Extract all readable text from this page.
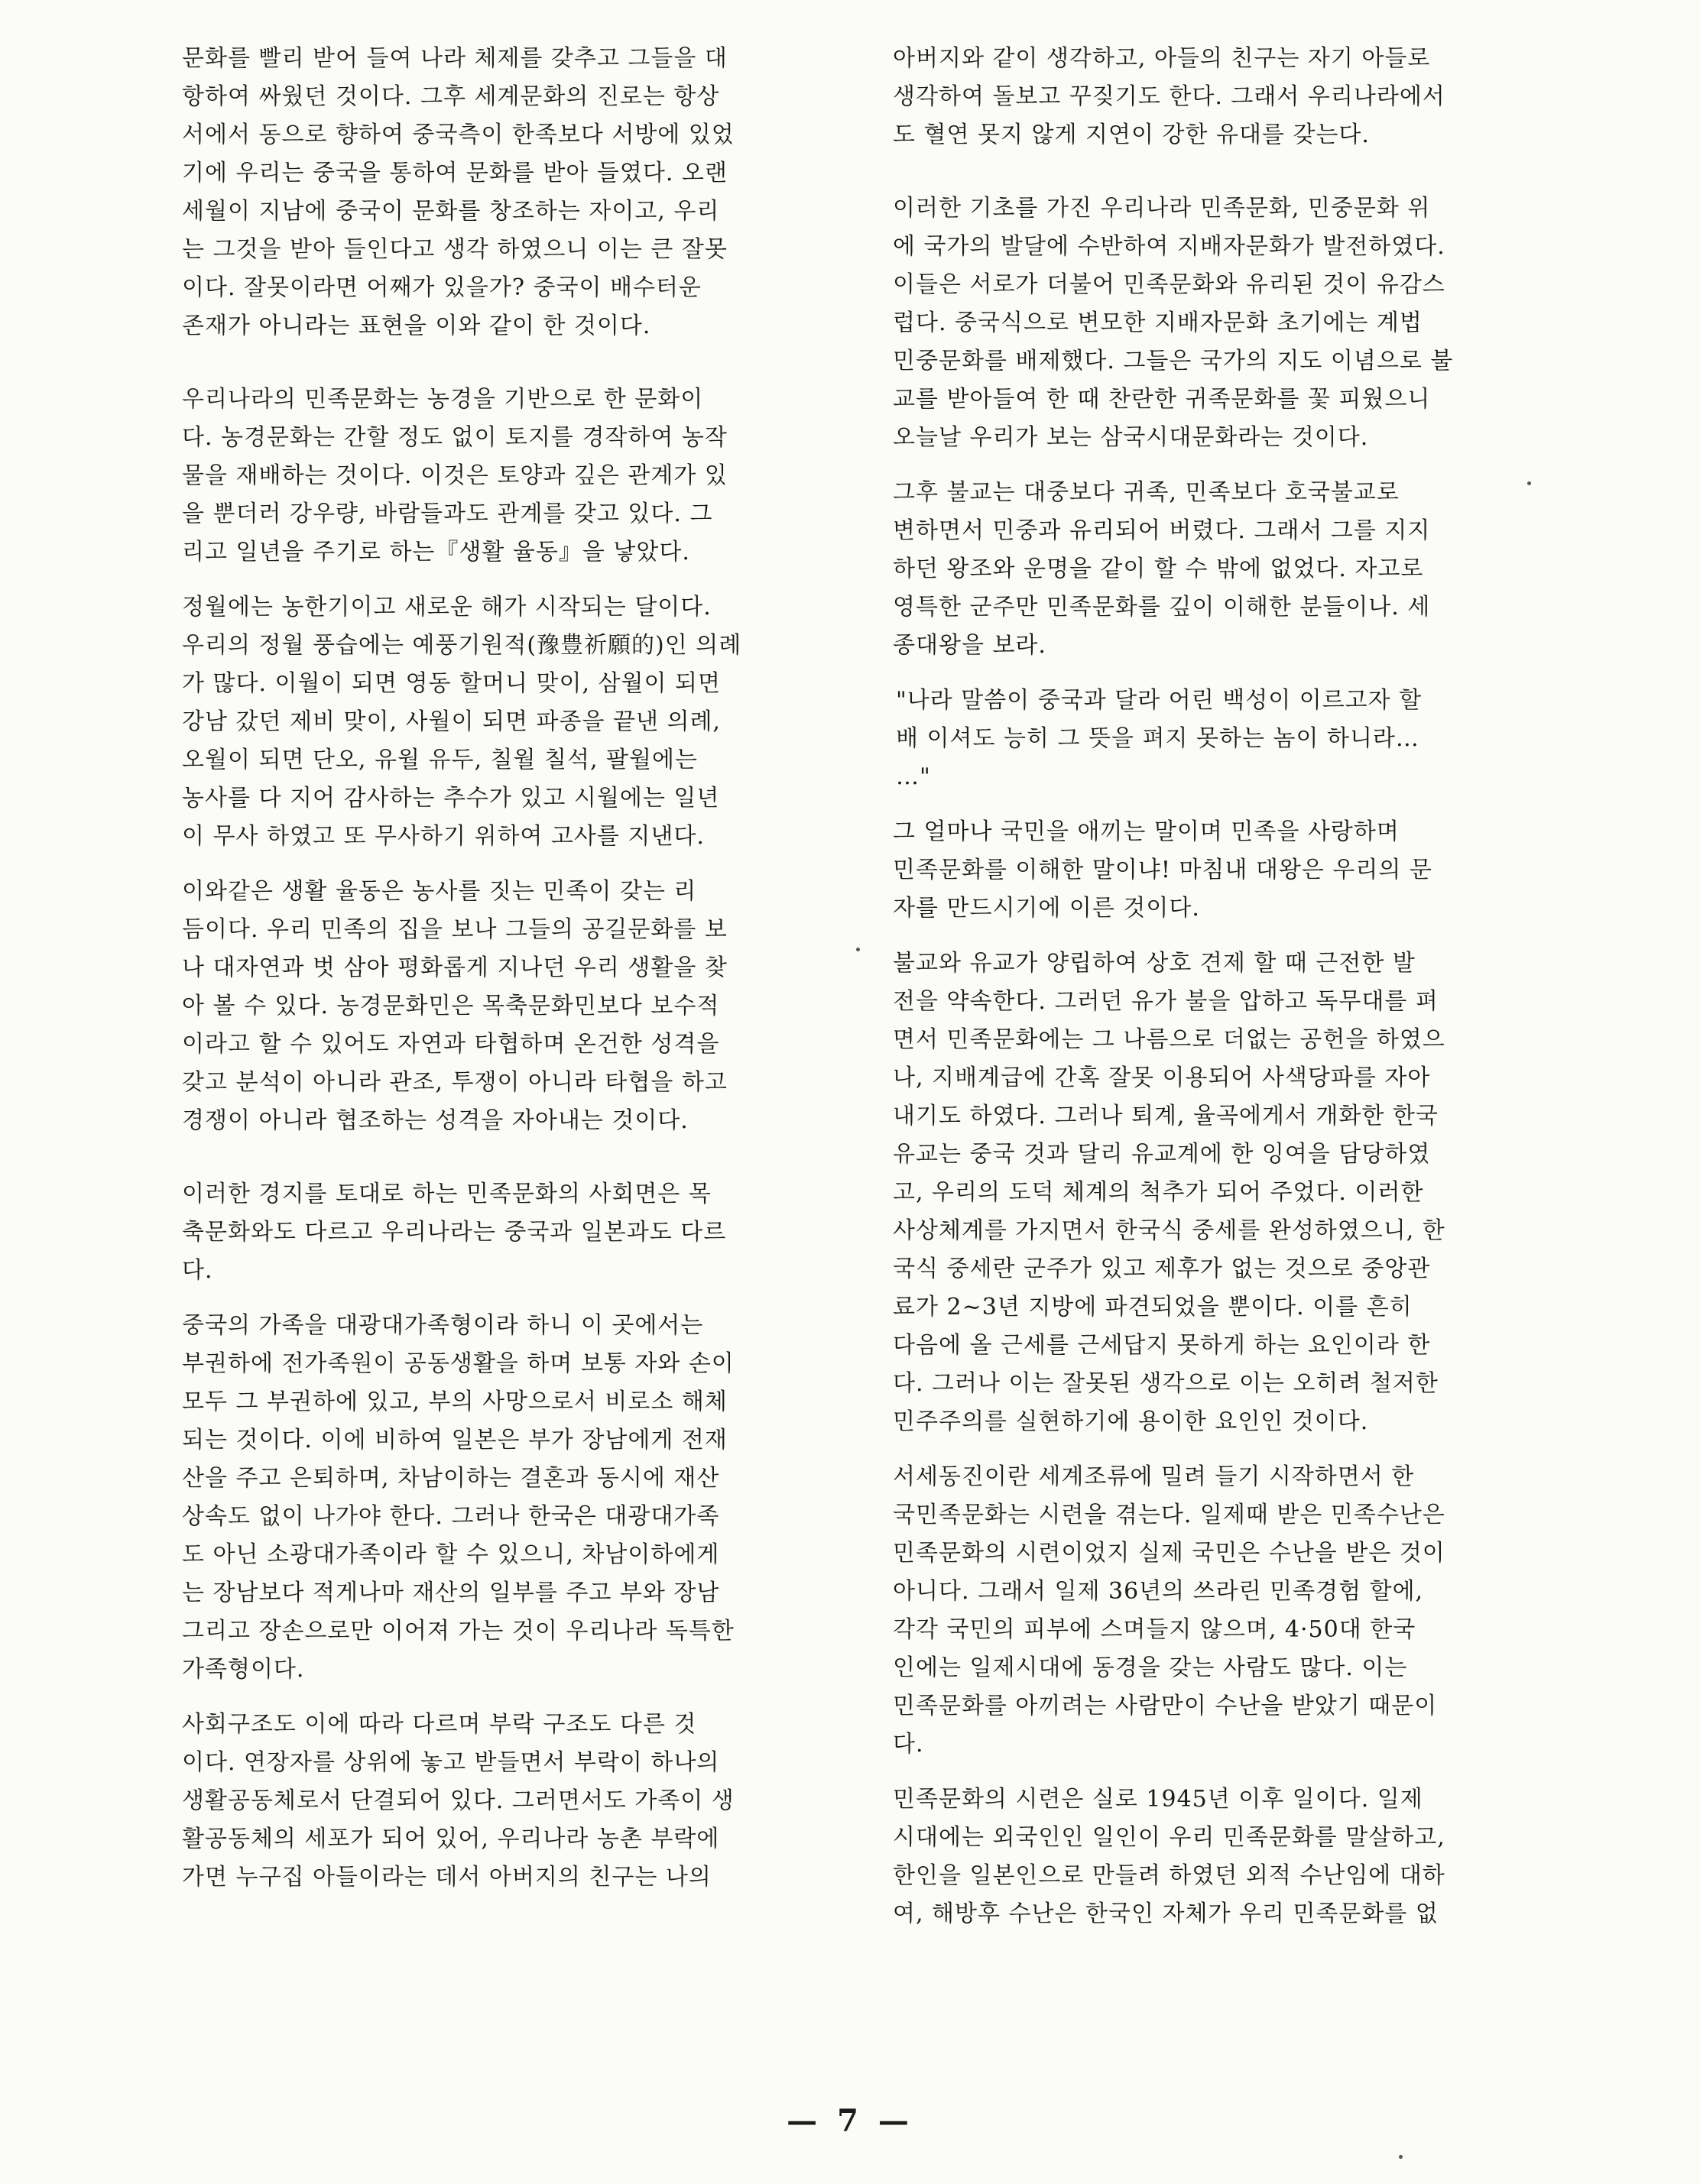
문화를 빨리 받어 들여 나라 체제를 갖추고 그들을 대
항하여 싸웠던 것이다. 그후 세계문화의 진로는 항상
서에서 동으로 향하여 중국측이 한족보다 서방에 있었
기에 우리는 중국을 통하여 문화를 받아 들였다. 오랜
세월이 지남에 중국이 문화를 창조하는 자이고, 우리
는 그것을 받아 들인다고 생각 하였으니 이는 큰 잘못
이다. 잘못이라면 어째가 있을가? 중국이 배수터운
존재가 아니라는 표현을 이와 같이 한 것이다.

우리나라의 민족문화는 농경을 기반으로 한 문화이
다. 농경문화는 간할 정도 없이 토지를 경작하여 농작
물을 재배하는 것이다. 이것은 토양과 깊은 관계가 있
을 뿐더러 강우량, 바람들과도 관계를 갖고 있다. 그
리고 일년을 주기로 하는『생활 율동』을 낳았다.

정월에는 농한기이고 새로운 해가 시작되는 달이다.
우리의 정월 풍습에는 예풍기원적(豫豊祈願的)인 의례
가 많다. 이월이 되면 영동 할머니 맞이, 삼월이 되면
강남 갔던 제비 맞이, 사월이 되면 파종을 끝낸 의례,
오월이 되면 단오, 유월 유두, 칠월 칠석, 팔월에는
농사를 다 지어 감사하는 추수가 있고 시월에는 일년
이 무사 하였고 또 무사하기 위하여 고사를 지낸다.

이와같은 생활 율동은 농사를 짓는 민족이 갖는 리
듬이다. 우리 민족의 집을 보나 그들의 공길문화를 보
나 대자연과 벗 삼아 평화롭게 지나던 우리 생활을 찾
아 볼 수 있다. 농경문화민은 목축문화민보다 보수적
이라고 할 수 있어도 자연과 타협하며 온건한 성격을
갖고 분석이 아니라 관조, 투쟁이 아니라 타협을 하고
경쟁이 아니라 협조하는 성격을 자아내는 것이다.

이러한 경지를 토대로 하는 민족문화의 사회면은 목
축문화와도 다르고 우리나라는 중국과 일본과도 다르
다.

중국의 가족을 대광대가족형이라 하니 이 곳에서는
부권하에 전가족원이 공동생활을 하며 보통 자와 손이
모두 그 부권하에 있고, 부의 사망으로서 비로소 해체
되는 것이다. 이에 비하여 일본은 부가 장남에게 전재
산을 주고 은퇴하며, 차남이하는 결혼과 동시에 재산
상속도 없이 나가야 한다. 그러나 한국은 대광대가족
도 아닌 소광대가족이라 할 수 있으니, 차남이하에게
는 장남보다 적게나마 재산의 일부를 주고 부와 장남
그리고 장손으로만 이어져 가는 것이 우리나라 독특한
가족형이다.

사회구조도 이에 따라 다르며 부락 구조도 다른 것
이다. 연장자를 상위에 놓고 받들면서 부락이 하나의
생활공동체로서 단결되어 있다. 그러면서도 가족이 생
활공동체의 세포가 되어 있어, 우리나라 농촌 부락에
가면 누구집 아들이라는 데서 아버지의 친구는 나의

아버지와 같이 생각하고, 아들의 친구는 자기 아들로
생각하여 돌보고 꾸짖기도 한다. 그래서 우리나라에서
도 혈연 못지 않게 지연이 강한 유대를 갖는다.

이러한 기초를 가진 우리나라 민족문화, 민중문화 위
에 국가의 발달에 수반하여 지배자문화가 발전하였다.
이들은 서로가 더불어 민족문화와 유리된 것이 유감스
럽다. 중국식으로 변모한 지배자문화 초기에는 계법
민중문화를 배제했다. 그들은 국가의 지도 이념으로 불
교를 받아들여 한 때 찬란한 귀족문화를 꽃 피웠으니
오늘날 우리가 보는 삼국시대문화라는 것이다.

그후 불교는 대중보다 귀족, 민족보다 호국불교로
변하면서 민중과 유리되어 버렸다. 그래서 그를 지지
하던 왕조와 운명을 같이 할 수 밖에 없었다. 자고로
영특한 군주만 민족문화를 깊이 이해한 분들이나. 세
종대왕을 보라.

"나라 말씀이 중국과 달라 어린 백성이 이르고자 할
배 이셔도 능히 그 뜻을 펴지 못하는 놈이 하니라…
…"

그 얼마나 국민을 애끼는 말이며 민족을 사랑하며
민족문화를 이해한 말이냐! 마침내 대왕은 우리의 문
자를 만드시기에 이른 것이다.

불교와 유교가 양립하여 상호 견제 할 때 근전한 발
전을 약속한다. 그러던 유가 불을 압하고 독무대를 펴
면서 민족문화에는 그 나름으로 더없는 공헌을 하였으
나, 지배계급에 간혹 잘못 이용되어 사색당파를 자아
내기도 하였다. 그러나 퇴계, 율곡에게서 개화한 한국
유교는 중국 것과 달리 유교계에 한 잉여을 담당하였
고, 우리의 도덕 체계의 척추가 되어 주었다. 이러한
사상체계를 가지면서 한국식 중세를 완성하였으니, 한
국식 중세란 군주가 있고 제후가 없는 것으로 중앙관
료가 2~3년 지방에 파견되었을 뿐이다. 이를 흔히
다음에 올 근세를 근세답지 못하게 하는 요인이라 한
다. 그러나 이는 잘못된 생각으로 이는 오히려 철저한
민주주의를 실현하기에 용이한 요인인 것이다.

서세동진이란 세계조류에 밀려 들기 시작하면서 한
국민족문화는 시련을 겪는다. 일제때 받은 민족수난은
민족문화의 시련이었지 실제 국민은 수난을 받은 것이
아니다. 그래서 일제 36년의 쓰라린 민족경험 할에,
각각 국민의 피부에 스며들지 않으며, 4·50대 한국
인에는 일제시대에 동경을 갖는 사람도 많다. 이는
민족문화를 아끼려는 사람만이 수난을 받았기 때문이
다.

민족문화의 시련은 실로 1945년 이후 일이다. 일제
시대에는 외국인인 일인이 우리 민족문화를 말살하고,
한인을 일본인으로 만들려 하였던 외적 수난임에 대하
여, 해방후 수난은 한국인 자체가 우리 민족문화를 없

— 7 —
